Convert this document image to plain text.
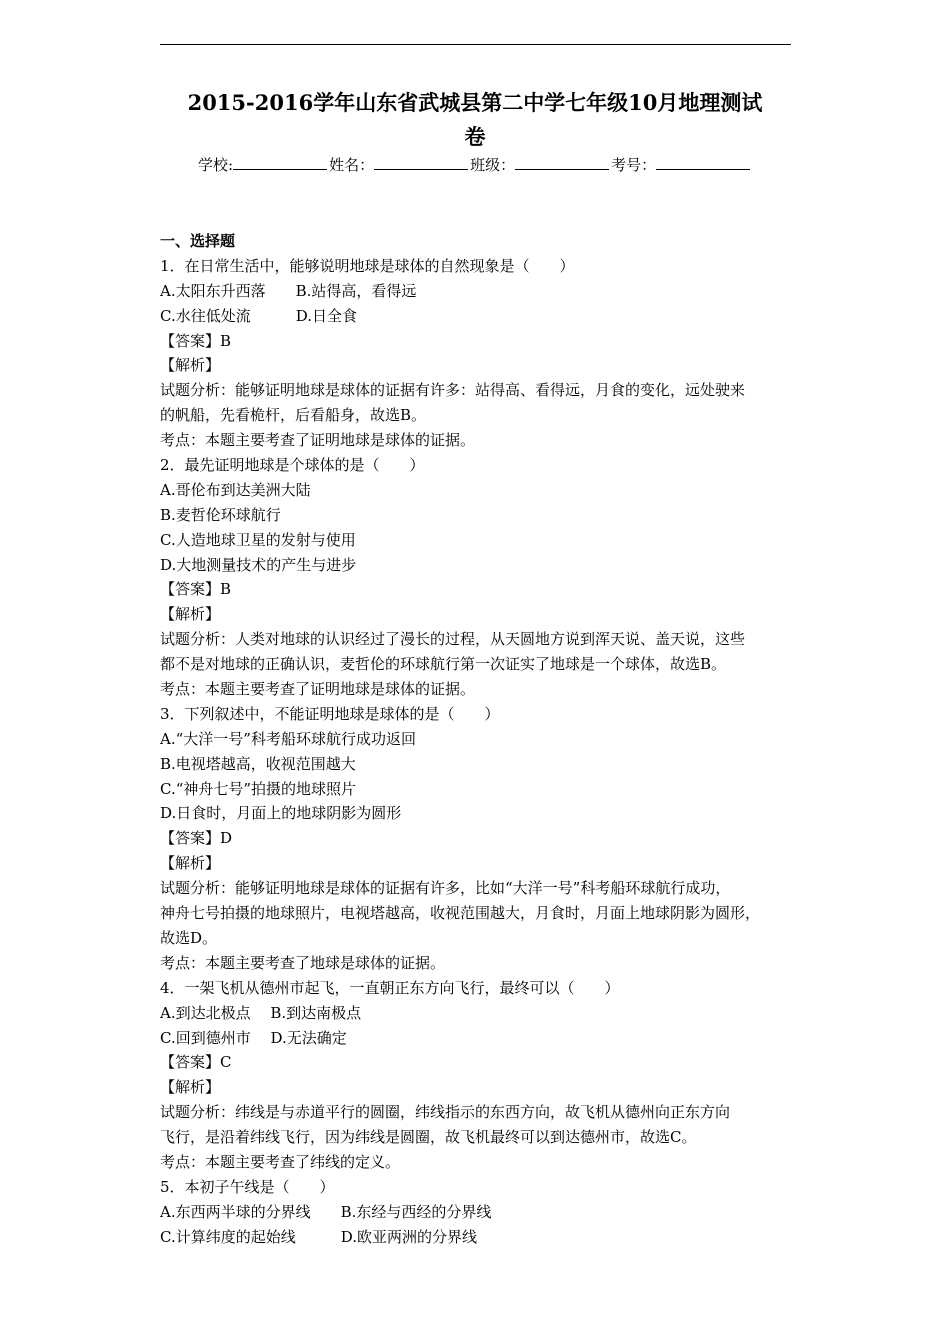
2015-2016学年山东省武城县第二中学七年级10月地理测试
卷
学校:	姓名：	班级：	考号：
一、选择题
1．在日常生活中，能够说明地球是球体的自然现象是（　　）
A.太阳东升西落　　B.站得高，看得远
C.水往低处流　　　D.日全食
【答案】B
【解析】
试题分析：能够证明地球是球体的证据有许多：站得高、看得远，月食的变化，远处驶来
的帆船，先看桅杆，后看船身，故选B。
考点：本题主要考查了证明地球是球体的证据。
2．最先证明地球是个球体的是（　　）
A.哥伦布到达美洲大陆
B.麦哲伦环球航行
C.人造地球卫星的发射与使用
D.大地测量技术的产生与进步
【答案】B
【解析】
试题分析：人类对地球的认识经过了漫长的过程，从天圆地方说到浑天说、盖天说，这些
都不是对地球的正确认识，麦哲伦的环球航行第一次证实了地球是一个球体，故选B。
考点：本题主要考查了证明地球是球体的证据。
3．下列叙述中，不能证明地球是球体的是（　　）
A.“大洋一号”科考船环球航行成功返回
B.电视塔越高，收视范围越大
C.“神舟七号”拍摄的地球照片
D.日食时，月面上的地球阴影为圆形
【答案】D
【解析】
试题分析：能够证明地球是球体的证据有许多，比如“大洋一号”科考船环球航行成功，
神舟七号拍摄的地球照片，电视塔越高，收视范围越大，月食时，月面上地球阴影为圆形，
故选D。
考点：本题主要考查了地球是球体的证据。
4．一架飞机从德州市起飞，一直朝正东方向飞行，最终可以（　　）
A.到达北极点　 B.到达南极点
C.回到德州市　 D.无法确定
【答案】C
【解析】
试题分析：纬线是与赤道平行的圆圈，纬线指示的东西方向，故飞机从德州向正东方向
飞行，是沿着纬线飞行，因为纬线是圆圈，故飞机最终可以到达德州市，故选C。
考点：本题主要考查了纬线的定义。
5．本初子午线是（　　）
A.东西两半球的分界线　　B.东经与西经的分界线
C.计算纬度的起始线　　　D.欧亚两洲的分界线
